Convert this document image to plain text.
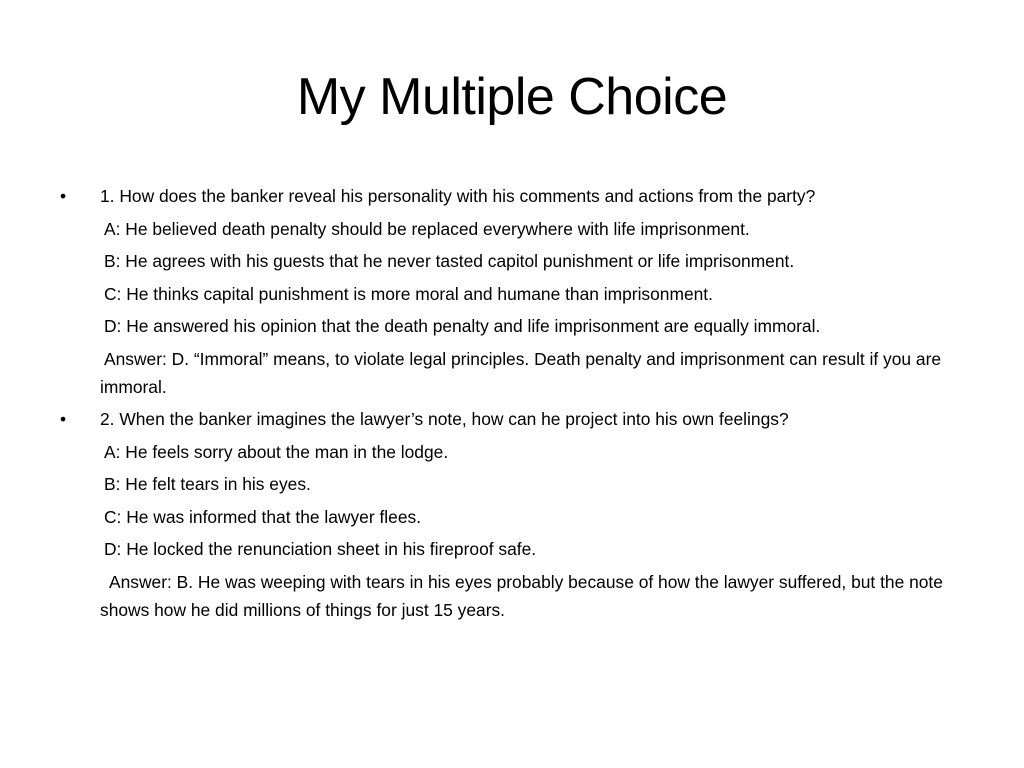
My Multiple Choice
•	1. How does the banker reveal his personality with his comments and actions from the party?
A: He believed death penalty should be replaced everywhere with life imprisonment.
B: He agrees with his guests that he never tasted capitol punishment or life imprisonment.
C: He thinks capital punishment is more moral and humane than imprisonment.
D: He answered his opinion that the death penalty and life imprisonment are equally immoral.
Answer: D. “Immoral” means, to violate legal principles. Death penalty and imprisonment can result if you are immoral.
•	2. When the banker imagines the lawyer’s note, how can he project into his own feelings?
A: He feels sorry about the man in the lodge.
B: He felt tears in his eyes.
C: He was informed that the lawyer flees.
D: He locked the renunciation sheet in his fireproof safe.
Answer: B. He was weeping with tears in his eyes probably because of how the lawyer suffered, but the note shows how he did millions of things for just 15 years.
